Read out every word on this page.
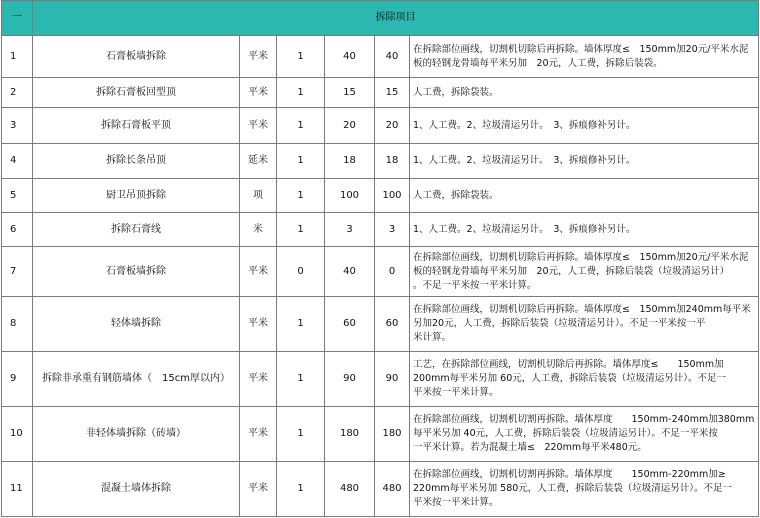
一	拆除项目					
1	石膏板墙拆除	平米	1	40	40	在拆除部位画线，切割机切除后再拆除。墙体厚度≤　150mm加20元/平米水泥
板的轻钢龙骨墙每平米另加　20元，人工费，拆除后装袋。
2	拆除石膏板回型顶	平米	1	15	15	人工费，拆除袋装。
3	拆除石膏板平顶	平米	1	20	20	1、人工费。2、垃圾清运另计。　3、拆痕修补另计。
4	拆除长条吊顶	延米	1	18	18	1、人工费。2、垃圾清运另计。　3、拆痕修补另计。
5	厨卫吊顶拆除	项	1	100	100	人工费，拆除袋装。
6	拆除石膏线	米	1	3	3	1、人工费。2、垃圾清运另计。　3、拆痕修补另计。
7	石膏板墙拆除	平米	0	40	0	在拆除部位画线，切割机切除后再拆除。墙体厚度≤　150mm加20元/平米水泥
板的轻钢龙骨墙每平米另加　20元，人工费，拆除后装袋（垃圾清运另计）
。不足一平米按一平米计算。
8	轻体墙拆除	平米	1	60	60	在拆除部位画线，切割机切除后再拆除。墙体厚度≤　150mm加240mm每平米
另加20元，人工费，拆除后装袋（垃圾清运另计）。不足一平米按一平
米计算。
9	拆除非承重有钢筋墙体（　15cm厚以内）	平米	1	90	90	工艺，在拆除部位画线，切割机切除后再拆除。墙体厚度≤　　150mm加
200mm每平米另加 60元，人工费，拆除后装袋（垃圾清运另计）。不足一
平米按一平米计算。
10	非轻体墙拆除（砖墙）	平米	1	180	180	在拆除部位画线，切割机切割再拆除。墙体厚度　　150mm-240mm加380mm
每平米另加 40元，人工费，拆除后装袋（垃圾清运另计）。不足一平米按
一平米计算。若为混凝土墙≤　220mm每平米480元。
11	混凝土墙体拆除	平米	1	480	480	在拆除部位画线，切割机切割再拆除。墙体厚度　　150mm-220mm加≥
220mm每平米另加 580元，人工费，拆除后装袋（垃圾清运另计）。不足一
平米按一平米计算。
